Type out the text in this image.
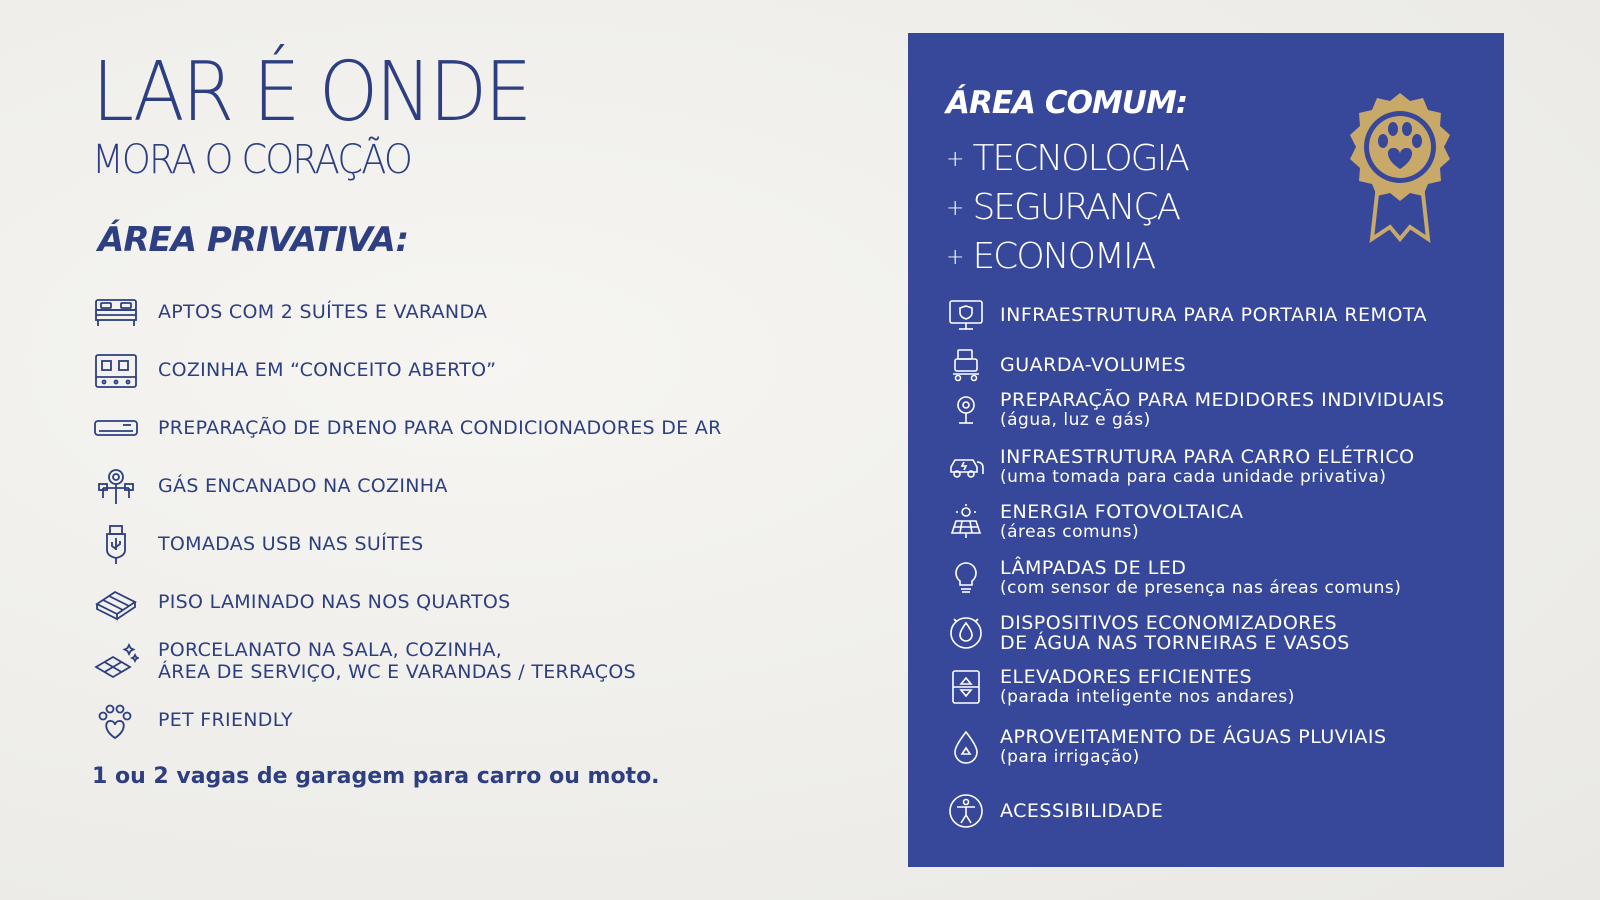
LAR É ONDE
MORA O CORAÇÃO
ÁREA PRIVATIVA:
APTOS COM 2 SUÍTES E VARANDA
COZINHA EM “CONCEITO ABERTO”
PREPARAÇÃO DE DRENO PARA CONDICIONADORES DE AR
GÁS ENCANADO NA COZINHA
TOMADAS USB NAS SUÍTES
PISO LAMINADO NAS NOS QUARTOS
PORCELANATO NA SALA, COZINHA,
ÁREA DE SERVIÇO, WC E VARANDAS / TERRAÇOS
PET FRIENDLY
1 ou 2 vagas de garagem para carro ou moto.
ÁREA COMUM:
+ TECNOLOGIA
+ SEGURANÇA
+ ECONOMIA
INFRAESTRUTURA PARA PORTARIA REMOTA
GUARDA-VOLUMES
PREPARAÇÃO PARA MEDIDORES INDIVIDUAIS
(água, luz e gás)
INFRAESTRUTURA PARA CARRO ELÉTRICO
(uma tomada para cada unidade privativa)
ENERGIA FOTOVOLTAICA
(áreas comuns)
LÂMPADAS DE LED
(com sensor de presença nas áreas comuns)
DISPOSITIVOS ECONOMIZADORES
DE ÁGUA NAS TORNEIRAS E VASOS
ELEVADORES EFICIENTES
(parada inteligente nos andares)
APROVEITAMENTO DE ÁGUAS PLUVIAIS
(para irrigação)
ACESSIBILIDADE
